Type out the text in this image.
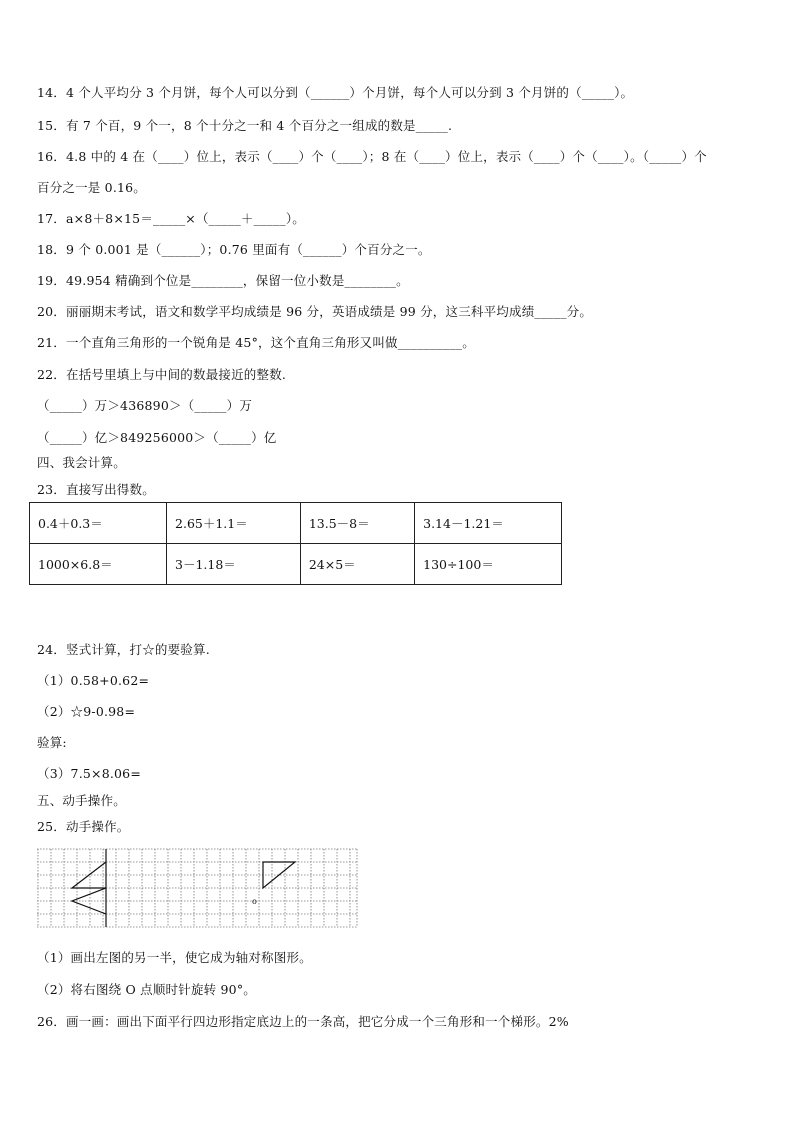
14．4 个人平均分 3 个月饼，每个人可以分到（______）个月饼，每个人可以分到 3 个月饼的（_____）。
15．有 7 个百，9 个一，8 个十分之一和 4 个百分之一组成的数是_____.
16．4.8 中的 4 在（____）位上，表示（____）个（____）；8 在（____）位上，表示（____）个（____）。（_____）个
百分之一是 0.16。
17．a×8＋8×15＝_____×（_____＋_____）。
18．9 个 0.001 是（______）；0.76 里面有（______）个百分之一。
19．49.954 精确到个位是________，保留一位小数是________。
20．丽丽期末考试，语文和数学平均成绩是 96 分，英语成绩是 99 分，这三科平均成绩_____分。
21．一个直角三角形的一个锐角是 45°，这个直角三角形又叫做__________。
22．在括号里填上与中间的数最接近的整数.
（_____）万＞436890＞（_____）万
（_____）亿＞849256000＞（_____）亿
四、我会计算。
23．直接写出得数。
0.4＋0.3＝	2.65＋1.1＝	13.5－8＝	3.14－1.21＝
1000×6.8＝	3－1.18＝	24×5＝	130÷100＝
24．竖式计算，打☆的要验算.
（1）0.58+0.62=
（2）☆9-0.98=
验算:
（3）7.5×8.06=
五、动手操作。
25．动手操作。
o
（1）画出左图的另一半，使它成为轴对称图形。
（2）将右图绕 O 点顺时针旋转 90°。
26．画一画：画出下面平行四边形指定底边上的一条高，把它分成一个三角形和一个梯形。2%
